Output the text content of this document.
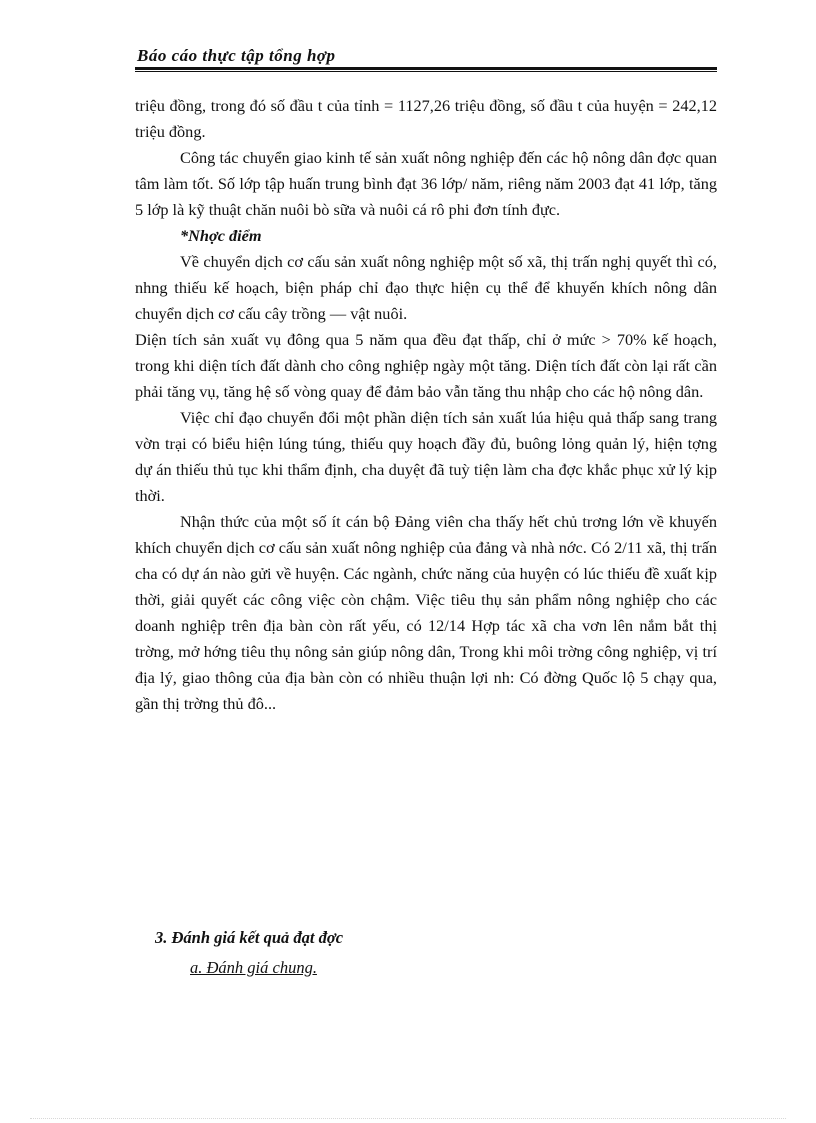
Báo cáo thực tập tổng hợp

triệu đồng, trong đó số đầu t của tỉnh = 1127,26 triệu đồng, số đầu t của huyện = 242,12 triệu đồng.

Công tác chuyển giao kinh tế sản xuất nông nghiệp đến các hộ nông dân đợc quan tâm làm tốt. Số lớp tập huấn trung bình đạt 36 lớp/ năm, riêng năm 2003 đạt 41 lớp, tăng 5 lớp là kỹ thuật chăn nuôi bò sữa và nuôi cá rô phi đơn tính đực.

*Nhợc điểm

Về chuyển dịch cơ cấu sản xuất nông nghiệp một số xã, thị trấn nghị quyết thì có, nhng thiếu kế hoạch, biện pháp chỉ đạo thực hiện cụ thể để khuyến khích nông dân chuyển dịch cơ cấu cây trồng — vật nuôi.

Diện tích sản xuất vụ đông qua 5 năm qua đều đạt thấp, chỉ ở mức > 70% kế hoạch, trong khi diện tích đất dành cho công nghiệp ngày một tăng. Diện tích đất còn lại rất cần phải tăng vụ, tăng hệ số vòng quay để đảm bảo vẫn tăng thu nhập cho các hộ nông dân.

Việc chỉ đạo chuyển đổi một phần diện tích sản xuất lúa hiệu quả thấp sang trang vờn trại có biểu hiện lúng túng, thiếu quy hoạch đầy đủ, buông lỏng quản lý, hiện tợng dự án thiếu thủ tục khi thẩm định, cha duyệt đã tuỳ tiện làm cha đợc khắc phục xử lý kịp thời.

Nhận thức của một số ít cán bộ Đảng viên cha thấy hết chủ trơng lớn về khuyến khích chuyển dịch cơ cấu sản xuất nông nghiệp của đảng và nhà nớc. Có 2/11 xã, thị trấn cha có dự án nào gửi về huyện. Các ngành, chức năng của huyện có lúc thiếu đề xuất kịp thời, giải quyết các công việc còn chậm. Việc tiêu thụ sản phẩm nông nghiệp cho các doanh nghiệp trên địa bàn còn rất yếu, có 12/14 Hợp tác xã cha vơn lên nắm bắt thị trờng, mở hớng tiêu thụ nông sản giúp nông dân, Trong khi môi trờng công nghiệp, vị trí địa lý, giao thông của địa bàn còn có nhiều thuận lợi nh: Có đờng Quốc lộ 5 chạy qua, gần thị trờng thủ đô...

3. Đánh giá kết quả đạt đợc
a. Đánh giá chung.
